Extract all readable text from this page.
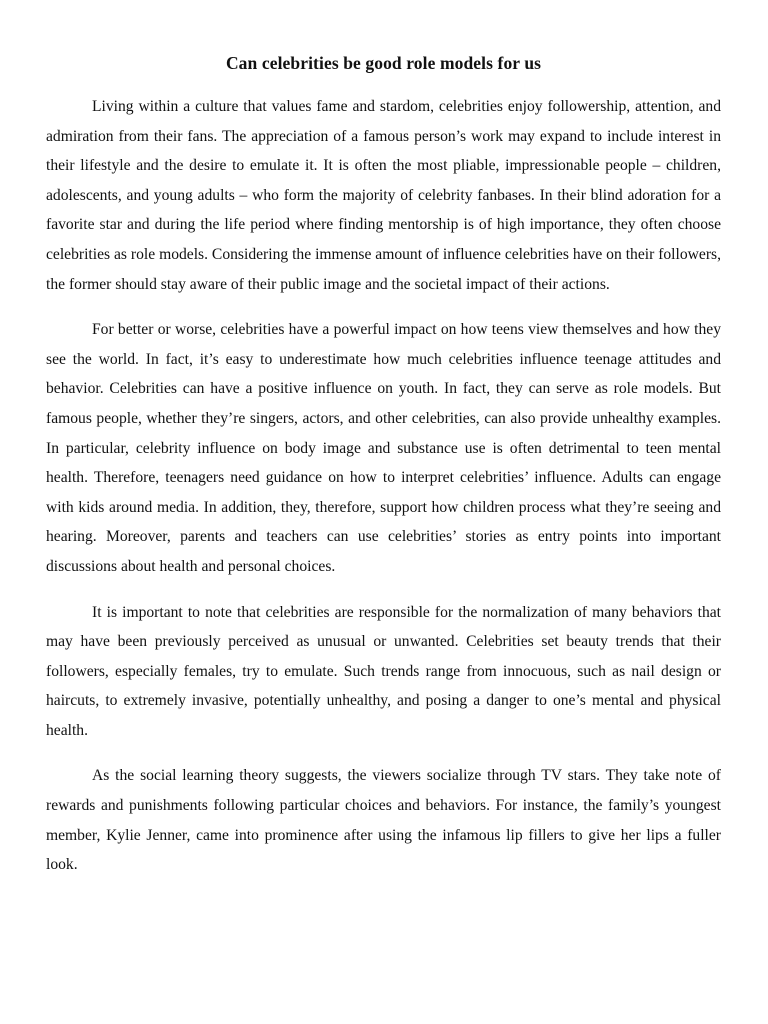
Can celebrities be good role models for us

Living within a culture that values fame and stardom, celebrities enjoy followership, attention, and admiration from their fans. The appreciation of a famous person’s work may expand to include interest in their lifestyle and the desire to emulate it. It is often the most pliable, impressionable people – children, adolescents, and young adults – who form the majority of celebrity fanbases. In their blind adoration for a favorite star and during the life period where finding mentorship is of high importance, they often choose celebrities as role models. Considering the immense amount of influence celebrities have on their followers, the former should stay aware of their public image and the societal impact of their actions.

For better or worse, celebrities have a powerful impact on how teens view themselves and how they see the world. In fact, it’s easy to underestimate how much celebrities influence teenage attitudes and behavior. Celebrities can have a positive influence on youth. In fact, they can serve as role models. But famous people, whether they’re singers, actors, and other celebrities, can also provide unhealthy examples. In particular, celebrity influence on body image and substance use is often detrimental to teen mental health. Therefore, teenagers need guidance on how to interpret celebrities’ influence. Adults can engage with kids around media. In addition, they, therefore, support how children process what they’re seeing and hearing. Moreover, parents and teachers can use celebrities’ stories as entry points into important discussions about health and personal choices.

It is important to note that celebrities are responsible for the normalization of many behaviors that may have been previously perceived as unusual or unwanted. Celebrities set beauty trends that their followers, especially females, try to emulate. Such trends range from innocuous, such as nail design or haircuts, to extremely invasive, potentially unhealthy, and posing a danger to one’s mental and physical health.

As the social learning theory suggests, the viewers socialize through TV stars. They take note of rewards and punishments following particular choices and behaviors. For instance, the family’s youngest member, Kylie Jenner, came into prominence after using the infamous lip fillers to give her lips a fuller look.
